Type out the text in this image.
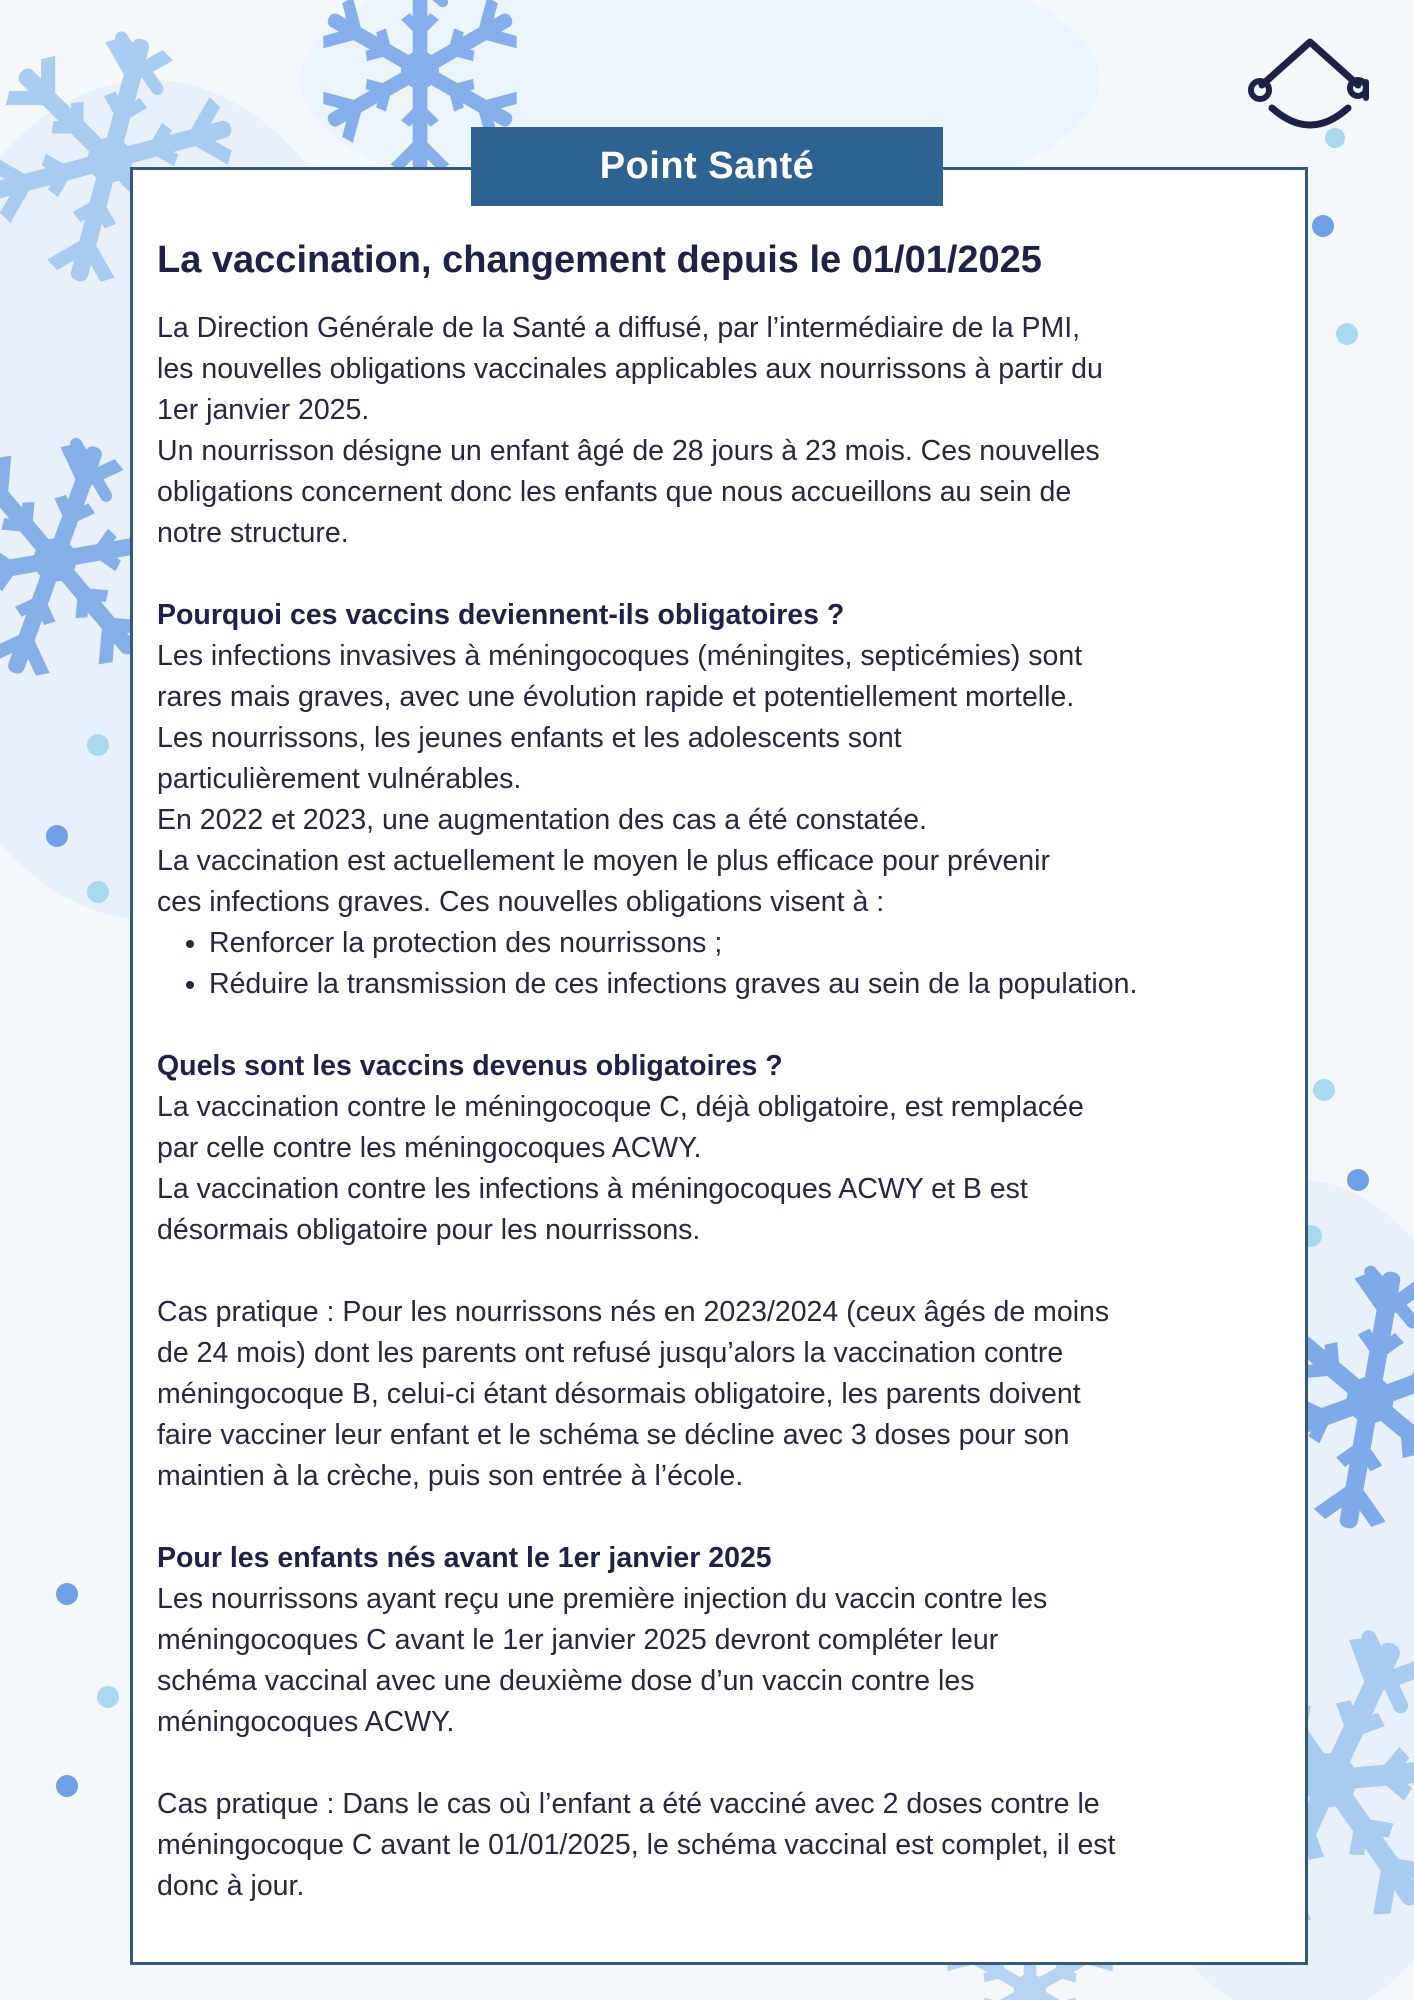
Point Santé
La vaccination, changement depuis le 01/01/2025

La Direction Générale de la Santé a diffusé, par l’intermédiaire de la PMI,

les nouvelles obligations vaccinales applicables aux nourrissons à partir du

1er janvier 2025.

Un nourrisson désigne un enfant âgé de 28 jours à 23 mois. Ces nouvelles

obligations concernent donc les enfants que nous accueillons au sein de

notre structure.

Pourquoi ces vaccins deviennent-ils obligatoires ?

Les infections invasives à méningocoques (méningites, septicémies) sont

rares mais graves, avec une évolution rapide et potentiellement mortelle.

Les nourrissons, les jeunes enfants et les adolescents sont

particulièrement vulnérables.

En 2022 et 2023, une augmentation des cas a été constatée.

La vaccination est actuellement le moyen le plus efficace pour prévenir

ces infections graves. Ces nouvelles obligations visent à :

• Renforcer la protection des nourrissons ;
• Réduire la transmission de ces infections graves au sein de la population.

Quels sont les vaccins devenus obligatoires ?

La vaccination contre le méningocoque C, déjà obligatoire, est remplacée

par celle contre les méningocoques ACWY.

La vaccination contre les infections à méningocoques ACWY et B est

désormais obligatoire pour les nourrissons.

Cas pratique : Pour les nourrissons nés en 2023/2024 (ceux âgés de moins

de 24 mois) dont les parents ont refusé jusqu’alors la vaccination contre

méningocoque B, celui-ci étant désormais obligatoire, les parents doivent

faire vacciner leur enfant et le schéma se décline avec 3 doses pour son

maintien à la crèche, puis son entrée à l’école.

Pour les enfants nés avant le 1er janvier 2025

Les nourrissons ayant reçu une première injection du vaccin contre les

méningocoques C avant le 1er janvier 2025 devront compléter leur

schéma vaccinal avec une deuxième dose d’un vaccin contre les

méningocoques ACWY.

Cas pratique : Dans le cas où l’enfant a été vacciné avec 2 doses contre le

méningocoque C avant le 01/01/2025, le schéma vaccinal est complet, il est

donc à jour.
